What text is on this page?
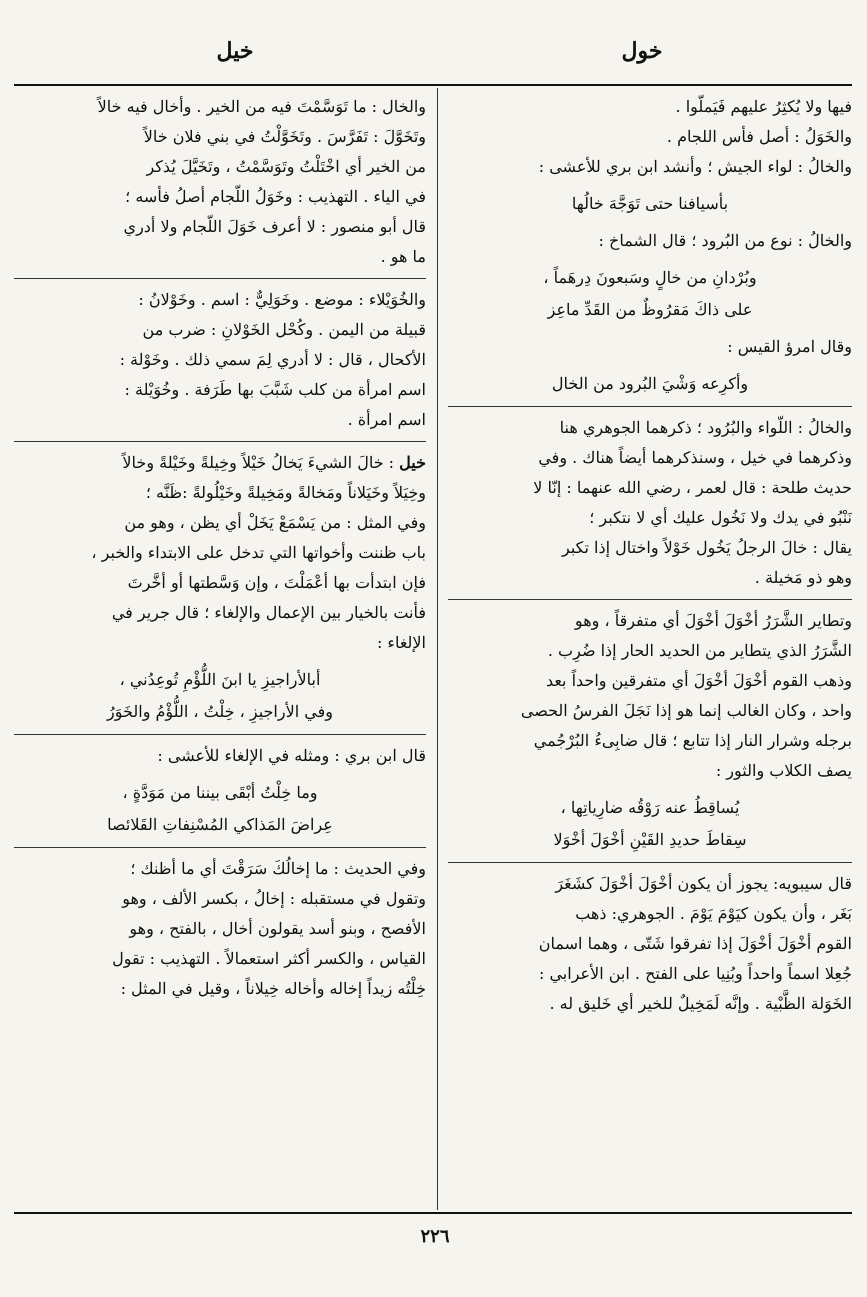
خول
خيل

فيها ولا يُكثِرُ عليهم فَيَملّوا .

والخَوَلُ : أصل فأس اللجام .

والخالُ : لواء الجيش ؛ وأنشد ابن بري للأعشى :

بأسيافنا حتى تَوَجَّهَ خالُها

والخالُ : نوع من البُرود ؛ قال الشماخ :

وبُرْدانِ من خالٍ وسَبعونَ دِرهَماً ،
على ذاكَ مَقرُوظٌ من القَدِّ ماعِز

وقال امرؤ القيس :

وأكرِعه وَشْيَ البُرود من الخال

والخالُ : اللّواء والبُرُود ؛ ذكرهما الجوهري هنا

وذكرهما في خيل ، وسنذكرهما أيضاً هناك . وفي

حديث طلحة : قال لعمر ، رضي الله عنهما : إنّا لا

نَنْبُو في يدك ولا نَخُول عليك أي لا نتكبر ؛

يقال : خالَ الرجلُ يَخُول خَوْلاً واختال إذا تكبر

وهو ذو مَخيلة .

وتطاير الشَّرَرُ أخْوَلَ أخْوَلَ أي متفرقاً ، وهو

الشَّرَرُ الذي يتطاير من الحديد الحار إذا ضُرِب .

وذهب القوم أخْوَلَ أخْوَلَ أي متفرقين واحداً بعد

واحد ، وكان الغالب إنما هو إذا نَجَلَ الفرسُ الحصى

برجله وشرار النار إذا تتابع ؛ قال ضابِىءُ البُرْجُمي

يصف الكلاب والثور :

يُساقِطُ عنه رَوْقُه ضارِياتِها ،
سِقاطَ حديدِ القَيْنِ أخْوَلَ أخْوَلا

قال سيبويه: يجوز أن يكون أخْوَلَ أخْوَلَ كشَغَرَ

بَغَر ، وأن يكون كيَوْمَ يَوْمَ . الجوهري: ذهب

القوم أخْوَلَ أخْوَلَ إذا تفرقوا شَتّى ، وهما اسمان

جُعِلا اسماً واحداً وبُنِيا على الفتح . ابن الأعرابي :

الخَوَلة الظَّبْية . وإنَّه لَمَخِيلٌ للخير أي خَليق له .

والخال : ما تَوَسَّمْتَ فيه من الخير . وأخال فيه خالاً

وتَخَوَّلَ : تَفَرَّسَ . وتَخَوَّلْتُ في بني فلان خالاً

من الخير أي اخْتَلْتُ وتَوَسَّمْتُ ، وتَخَيَّلَ يُذكر

في الياء . التهذيب : وخَوَلُ اللّجام أصلُ فأسه ؛

قال أبو منصور : لا أعرف خَوَلَ اللّجام ولا أدري

ما هو .

والخُوَيْلاء : موضع . وخَوَلِيٌّ : اسم . وخَوْلانُ :

قبيلة من اليمن . وكُحْل الخَوْلانِ : ضرب من

الأكحال ، قال : لا أدري لِمَ سمي ذلك . وخَوْلة :

اسم امرأة من كلب شَبَّبَ بها طَرَفة . وخُوَيْلة :

اسم امرأة .

خيل : خالَ الشيءَ يَخالُ خَيْلاً وخِيلةً وخَيْلةً وخالاً

وخِيَلاً وخَيَلاناً ومَخالةً ومَخِيلةً وخَيْلُولةً :ظَنَّه ؛

وفي المثل : من يَسْمَعْ يَخَلْ أي يظن ، وهو من

باب ظننت وأخواتها التي تدخل على الابتداء والخبر ،

فإن ابتدأت بها أعْمَلْتَ ، وإن وَسَّطتها أو أخَّرتَ

فأنت بالخيار بين الإعمال والإلغاء ؛ قال جرير في

الإلغاء :

أبالأراجيزِ يا ابنَ اللُّؤْمِ تُوعِدُني ،
وفي الأراجيزِ ، خِلْتُ ، اللُّؤْمُ والخَوَرُ

قال ابن بري : ومثله في الإلغاء للأعشى :

وما خِلْتُ أبْقَى بيننا من مَوَدَّةٍ ،
عِراضَ المَذاكي المُسْنِفاتِ القَلائصا

وفي الحديث : ما إخالُكَ سَرَقْتَ أي ما أظنك ؛

وتقول في مستقبله : إخالُ ، بكسر الألف ، وهو

الأفصح ، وبنو أسد يقولون أخال ، بالفتح ، وهو

القياس ، والكسر أكثر استعمالاً . التهذيب : تقول

خِلْتُه زيداً إخاله وأخاله خِيلاناً ، وقيل في المثل :

٢٢٦
